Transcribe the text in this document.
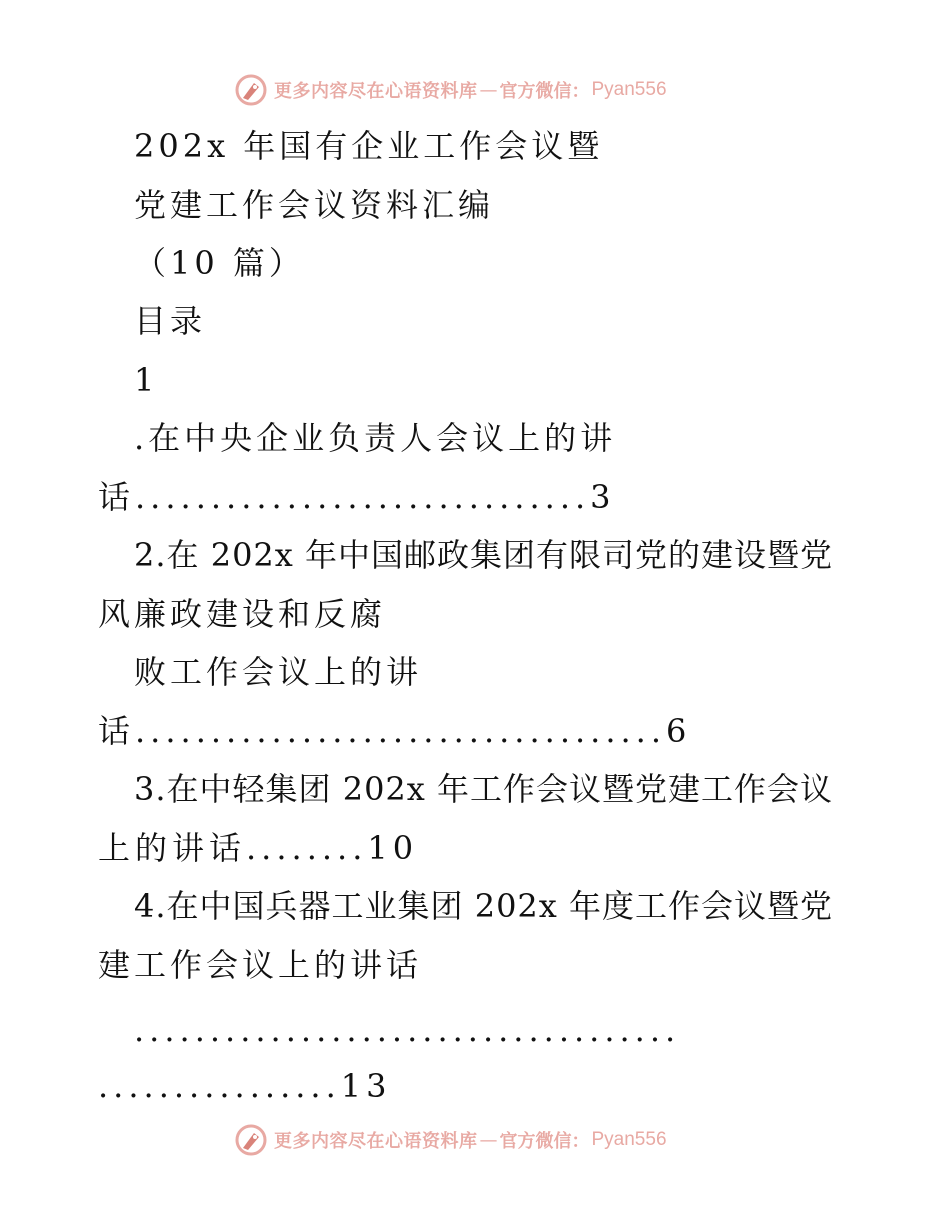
更多内容尽在心语资料库 — 官方微信： Pyan556
202x 年国有企业工作会议暨
党建工作会议资料汇编
（10 篇）
目录
1
.在中央企业负责人会议上的讲
话..............................3
2.在 202x 年中国邮政集团有限司党的建设暨党
风廉政建设和反腐
败工作会议上的讲
话...................................6
3.在中轻集团 202x 年工作会议暨党建工作会议
上的讲话........10
4.在中国兵器工业集团 202x 年度工作会议暨党
建工作会议上的讲话
....................................
................13
更多内容尽在心语资料库 — 官方微信： Pyan556
